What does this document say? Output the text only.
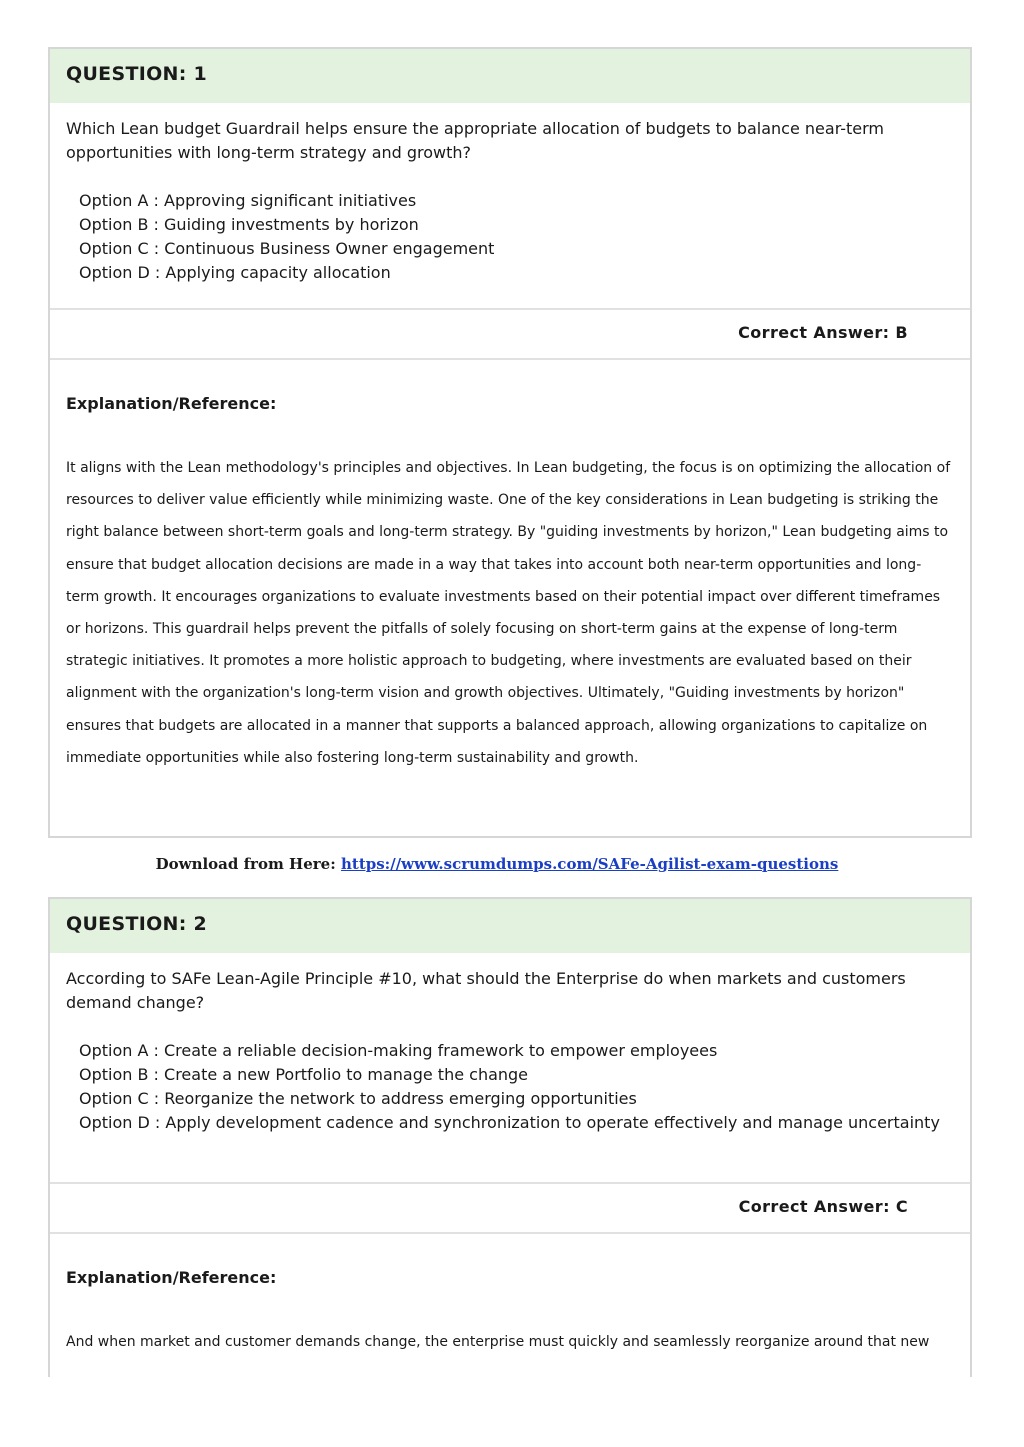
QUESTION: 1

Which Lean budget Guardrail helps ensure the appropriate allocation of budgets to balance near-term opportunities with long-term strategy and growth?

Option A : Approving significant initiatives
Option B : Guiding investments by horizon
Option C : Continuous Business Owner engagement
Option D : Applying capacity allocation
Correct Answer: B
Explanation/Reference:

It aligns with the Lean methodology's principles and objectives. In Lean budgeting, the focus is on optimizing the allocation of resources to deliver value efficiently while minimizing waste. One of the key considerations in Lean budgeting is striking the right balance between short-term goals and long-term strategy. By "guiding investments by horizon," Lean budgeting aims to ensure that budget allocation decisions are made in a way that takes into account both near-term opportunities and long-term growth. It encourages organizations to evaluate investments based on their potential impact over different timeframes or horizons. This guardrail helps prevent the pitfalls of solely focusing on short-term gains at the expense of long-term strategic initiatives. It promotes a more holistic approach to budgeting, where investments are evaluated based on their alignment with the organization's long-term vision and growth objectives. Ultimately, "Guiding investments by horizon" ensures that budgets are allocated in a manner that supports a balanced approach, allowing organizations to capitalize on immediate opportunities while also fostering long-term sustainability and growth.

Download from Here: https://www.scrumdumps.com/SAFe-Agilist-exam-questions
QUESTION: 2

According to SAFe Lean-Agile Principle #10, what should the Enterprise do when markets and customers demand change?

Option A : Create a reliable decision-making framework to empower employees
Option B : Create a new Portfolio to manage the change
Option C : Reorganize the network to address emerging opportunities
Option D : Apply development cadence and synchronization to operate effectively and manage uncertainty
Correct Answer: C
Explanation/Reference:

And when market and customer demands change, the enterprise must quickly and seamlessly reorganize around that new
